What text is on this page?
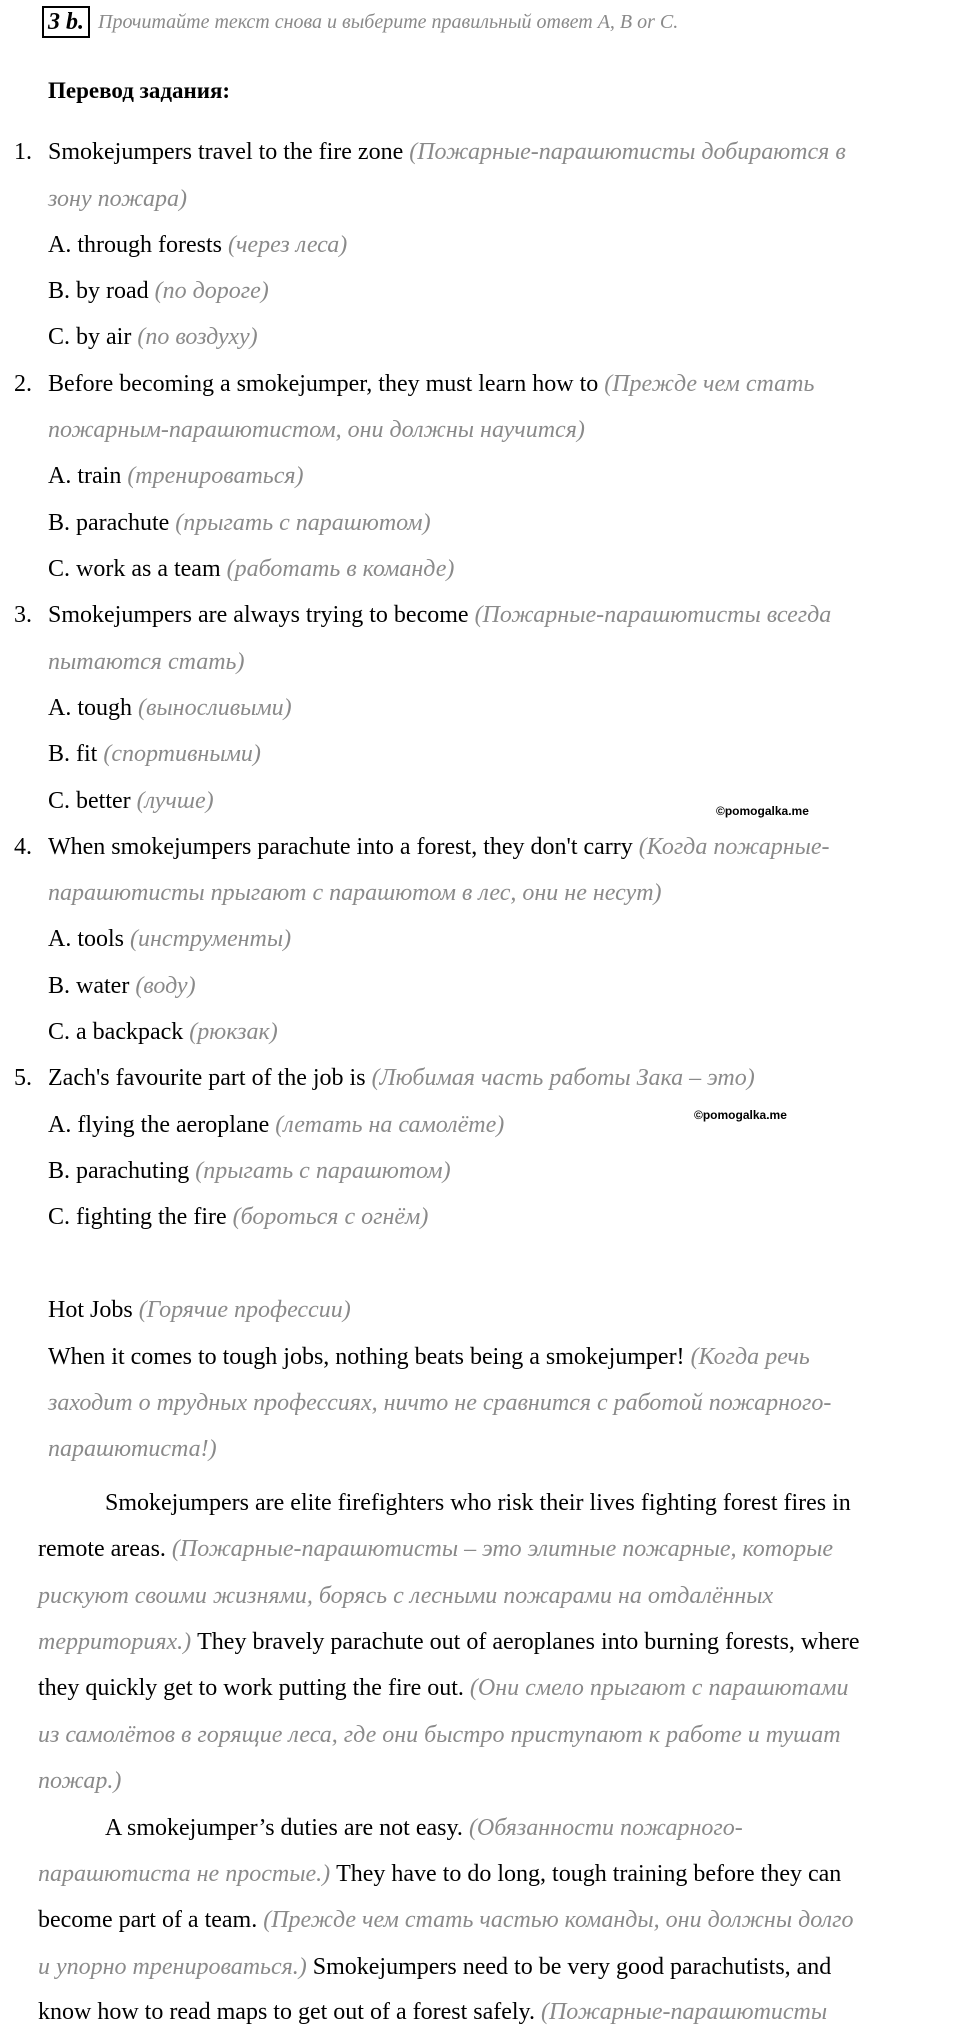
3 b. Прочитайте текст снова и выберите правильный ответ A, B or C.
Перевод задания:
1. Smokejumpers travel to the fire zone (Пожарные-парашютисты добираются в
зону пожара)
A. through forests (через леса)
B. by road (по дороге)
C. by air (по воздуху)
2. Before becoming a smokejumper, they must learn how to (Прежде чем стать
пожарным-парашютистом, они должны научится)
A. train (тренироваться)
B. parachute (прыгать с парашютом)
C. work as a team (работать в команде)
3. Smokejumpers are always trying to become (Пожарные-парашютисты всегда
пытаются стать)
A. tough (выносливыми)
B. fit (спортивными)
C. better (лучше)	©pomogalka.me
4. When smokejumpers parachute into a forest, they don't carry (Когда пожарные-
парашютисты прыгают с парашютом в лес, они не несут)
A. tools (инструменты)
B. water (воду)
C. a backpack (рюкзак)
5. Zach's favourite part of the job is (Любимая часть работы Зака – это)
©pomogalka.me
A. flying the aeroplane (летать на самолёте)
B. parachuting (прыгать с парашютом)
C. fighting the fire (бороться с огнём)
Hot Jobs (Горячие профессии)
When it comes to tough jobs, nothing beats being a smokejumper! (Когда речь
заходит о трудных профессиях, ничто не сравнится с работой пожарного-
парашютиста!)
Smokejumpers are elite firefighters who risk their lives fighting forest fires in
remote areas. (Пожарные-парашютисты – это элитные пожарные, которые
рискуют своими жизнями, борясь с лесными пожарами на отдалённых
территориях.) They bravely parachute out of aeroplanes into burning forests, where
they quickly get to work putting the fire out. (Они смело прыгают с парашютами
из самолётов в горящие леса, где они быстро приступают к работе и тушат
пожар.)
A smokejumper’s duties are not easy. (Обязанности пожарного-
парашютиста не простые.) They have to do long, tough training before they can
become part of a team. (Прежде чем стать частью команды, они должны долго
и упорно тренироваться.) Smokejumpers need to be very good parachutists, and
know how to read maps to get out of a forest safely. (Пожарные-парашютисты
